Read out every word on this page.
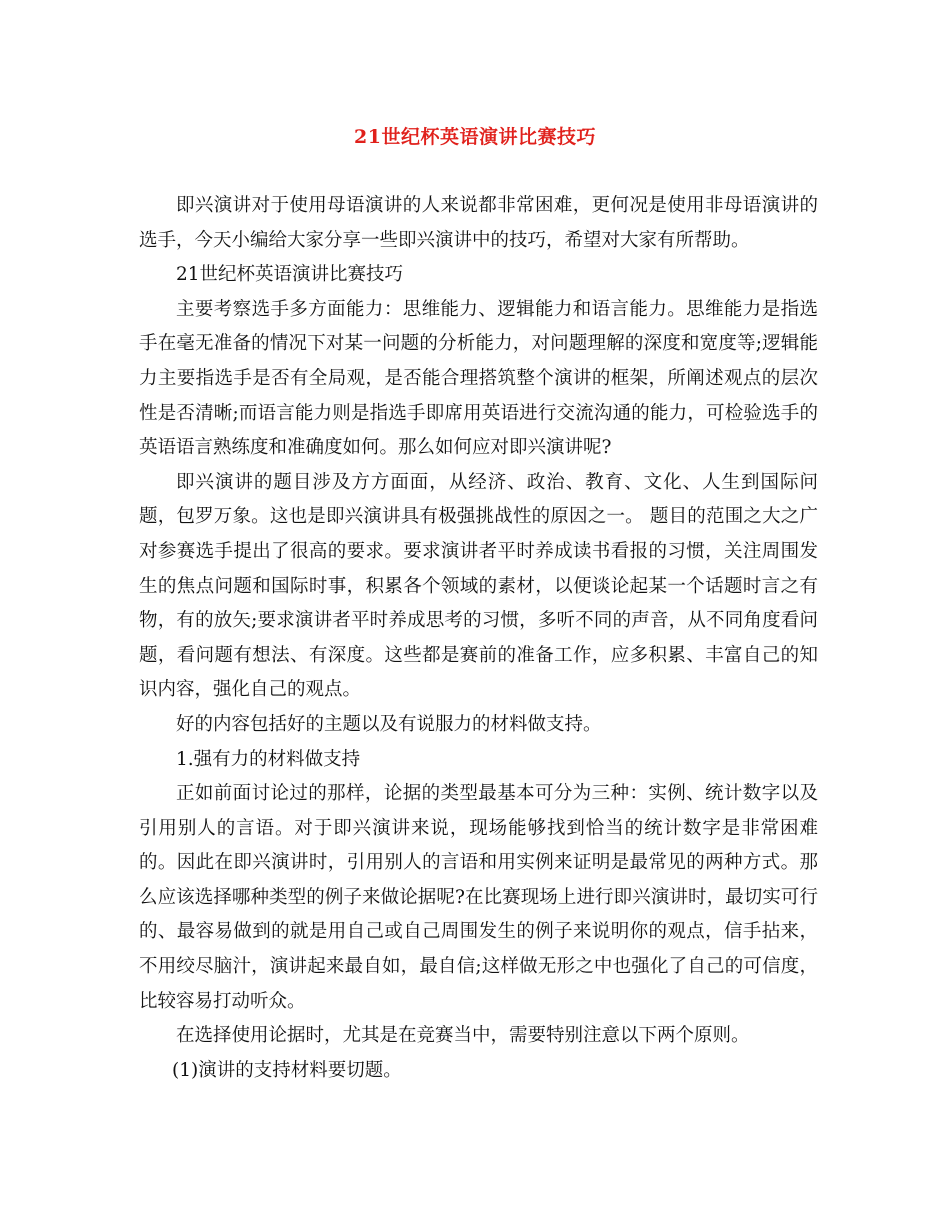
21世纪杯英语演讲比赛技巧

即兴演讲对于使用母语演讲的人来说都非常困难，更何况是使用非母语演讲的选手，今天小编给大家分享一些即兴演讲中的技巧，希望对大家有所帮助。

21世纪杯英语演讲比赛技巧

主要考察选手多方面能力：思维能力、逻辑能力和语言能力。思维能力是指选手在毫无准备的情况下对某一问题的分析能力，对问题理解的深度和宽度等;逻辑能力主要指选手是否有全局观，是否能合理搭筑整个演讲的框架，所阐述观点的层次性是否清晰;而语言能力则是指选手即席用英语进行交流沟通的能力，可检验选手的英语语言熟练度和准确度如何。那么如何应对即兴演讲呢?

即兴演讲的题目涉及方方面面，从经济、政治、教育、文化、人生到国际问题，包罗万象。这也是即兴演讲具有极强挑战性的原因之一。 题目的范围之大之广对参赛选手提出了很高的要求。要求演讲者平时养成读书看报的习惯，关注周围发生的焦点问题和国际时事，积累各个领域的素材，以便谈论起某一个话题时言之有物，有的放矢;要求演讲者平时养成思考的习惯，多听不同的声音，从不同角度看问题，看问题有想法、有深度。这些都是赛前的准备工作，应多积累、丰富自己的知识内容，强化自己的观点。

好的内容包括好的主题以及有说服力的材料做支持。

1.强有力的材料做支持

正如前面讨论过的那样，论据的类型最基本可分为三种：实例、统计数字以及引用别人的言语。对于即兴演讲来说，现场能够找到恰当的统计数字是非常困难的。因此在即兴演讲时，引用别人的言语和用实例来证明是最常见的两种方式。那么应该选择哪种类型的例子来做论据呢?在比赛现场上进行即兴演讲时，最切实可行的、最容易做到的就是用自己或自己周围发生的例子来说明你的观点，信手拈来，不用绞尽脑汁，演讲起来最自如，最自信;这样做无形之中也强化了自己的可信度，比较容易打动听众。

在选择使用论据时，尤其是在竞赛当中，需要特别注意以下两个原则。

(1)演讲的支持材料要切题。
